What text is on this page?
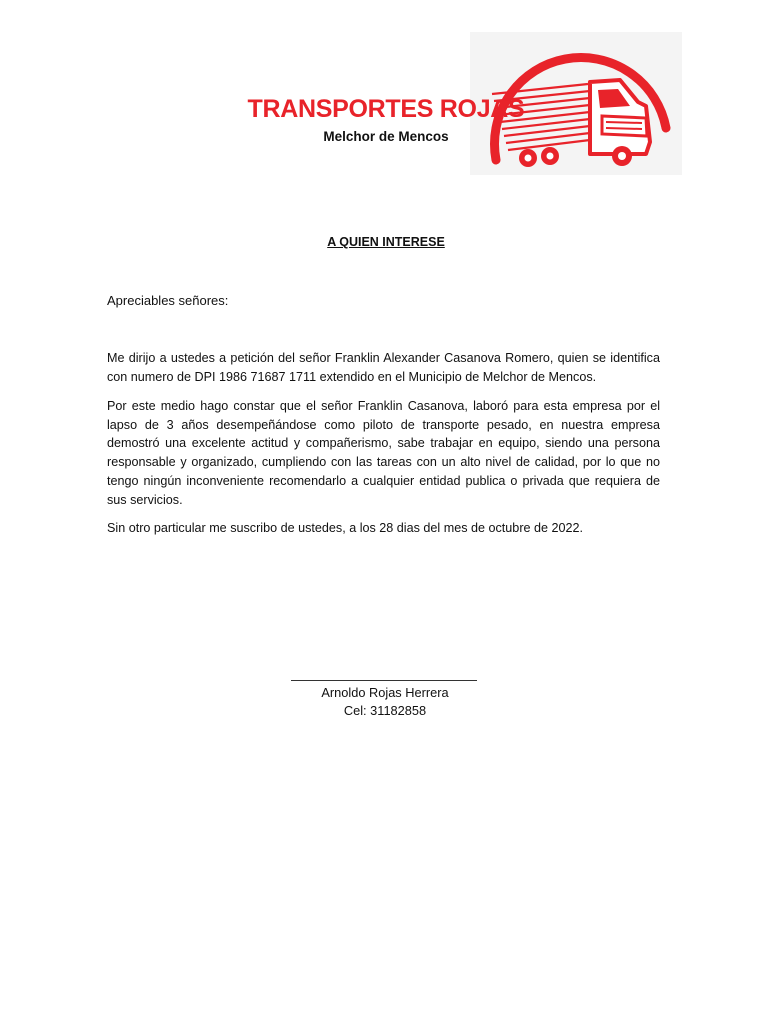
TRANSPORTES ROJAS
Melchor de Mencos
A QUIEN INTERESE
Apreciables señores:

Me dirijo a ustedes a petición del señor Franklin Alexander Casanova Romero, quien se identifica con numero de DPI 1986 71687 1711 extendido en el Municipio de Melchor de Mencos.

Por este medio hago constar que el señor Franklin Casanova, laboró para esta empresa por el lapso de 3 años desempeñándose como piloto de transporte pesado, en nuestra empresa demostró una excelente actitud y compañerismo, sabe trabajar en equipo, siendo una persona responsable y organizado, cumpliendo con las tareas con un alto nivel de calidad, por lo que no tengo ningún inconveniente recomendarlo a cualquier entidad publica o privada que requiera de sus servicios.

Sin otro particular me suscribo de ustedes, a los 28 dias del mes de octubre de 2022.

Arnoldo Rojas Herrera
Cel: 31182858
